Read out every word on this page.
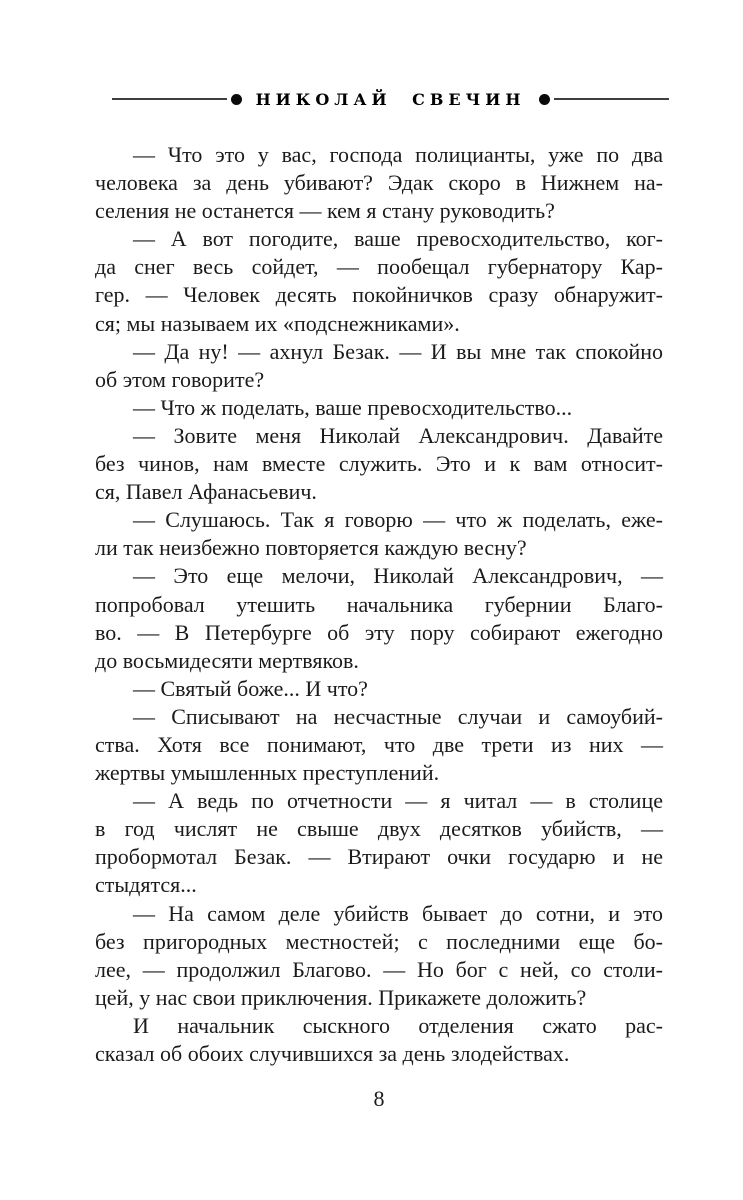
НИКОЛАЙ СВЕЧИН

— Что это у вас, господа полицианты, уже по два
человека за день убивают? Эдак скоро в Нижнем на-
селения не останется — кем я стану руководить?

— А вот погодите, ваше превосходительство, ког-
да снег весь сойдет, — пообещал губернатору Кар-
гер. — Человек десять покойничков сразу обнаружит-
ся; мы называем их «подснежниками».

— Да ну! — ахнул Безак. — И вы мне так спокойно
об этом говорите?

— Что ж поделать, ваше превосходительство...

— Зовите меня Николай Александрович. Давайте
без чинов, нам вместе служить. Это и к вам относит-
ся, Павел Афанасьевич.

— Слушаюсь. Так я говорю — что ж поделать, еже-
ли так неизбежно повторяется каждую весну?

— Это еще мелочи, Николай Александрович, —
попробовал утешить начальника губернии Благо-
во. — В Петербурге об эту пору собирают ежегодно
до восьмидесяти мертвяков.

— Святый боже... И что?

— Списывают на несчастные случаи и самоубий-
ства. Хотя все понимают, что две трети из них —
жертвы умышленных преступлений.

— А ведь по отчетности — я читал — в столице
в год числят не свыше двух десятков убийств, —
пробормотал Безак. — Втирают очки государю и не
стыдятся...

— На самом деле убийств бывает до сотни, и это
без пригородных местностей; с последними еще бо-
лее, — продолжил Благово. — Но бог с ней, со столи-
цей, у нас свои приключения. Прикажете доложить?

И начальник сыскного отделения сжато рас-
сказал об обоих случившихся за день злодействах.

8
